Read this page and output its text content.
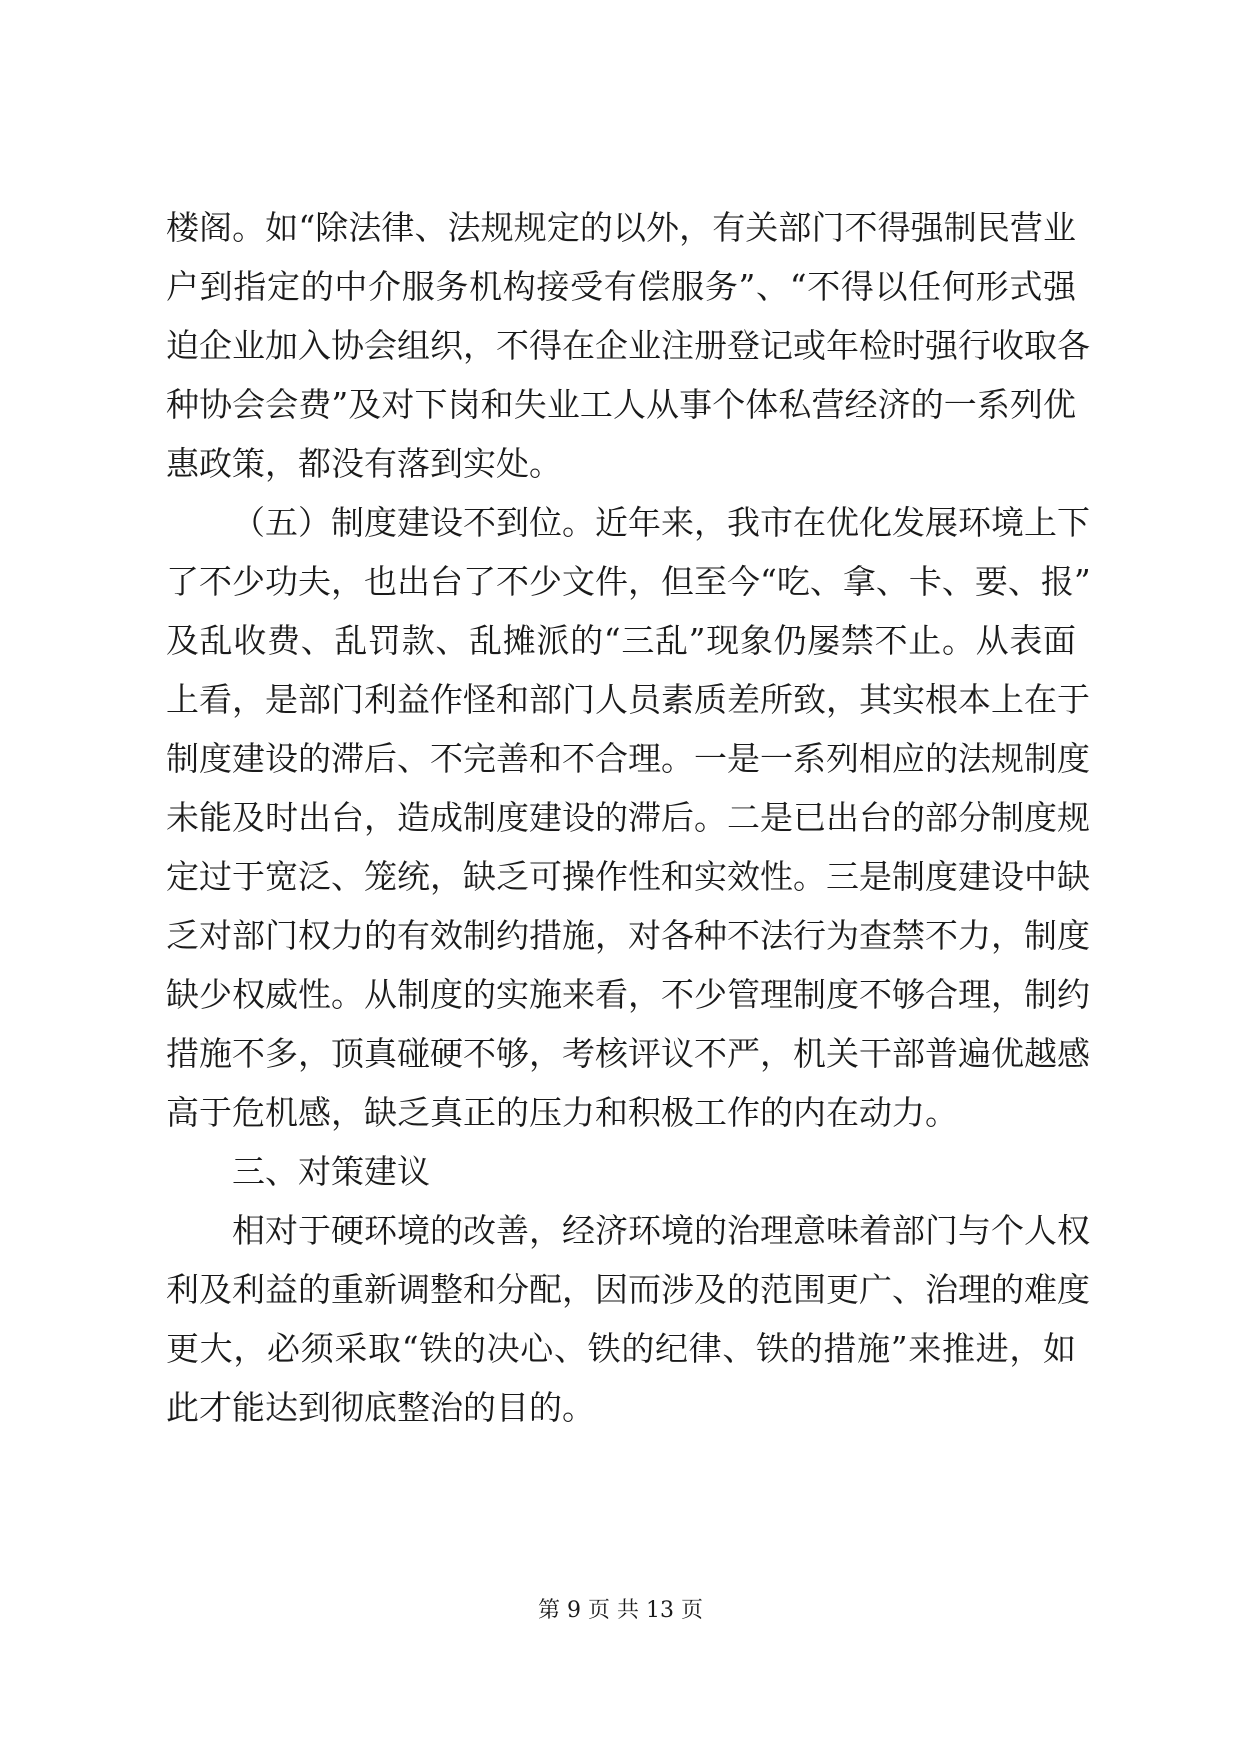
楼阁。如“除法律、法规规定的以外，有关部门不得强制民营业
户到指定的中介服务机构接受有偿服务”、“不得以任何形式强
迫企业加入协会组织，不得在企业注册登记或年检时强行收取各
种协会会费”及对下岗和失业工人从事个体私营经济的一系列优
惠政策，都没有落到实处。
（五）制度建设不到位。近年来，我市在优化发展环境上下
了不少功夫，也出台了不少文件，但至今“吃、拿、卡、要、报”
及乱收费、乱罚款、乱摊派的“三乱”现象仍屡禁不止。从表面
上看，是部门利益作怪和部门人员素质差所致，其实根本上在于
制度建设的滞后、不完善和不合理。一是一系列相应的法规制度
未能及时出台，造成制度建设的滞后。二是已出台的部分制度规
定过于宽泛、笼统，缺乏可操作性和实效性。三是制度建设中缺
乏对部门权力的有效制约措施，对各种不法行为查禁不力，制度
缺少权威性。从制度的实施来看，不少管理制度不够合理，制约
措施不多，顶真碰硬不够，考核评议不严，机关干部普遍优越感
高于危机感，缺乏真正的压力和积极工作的内在动力。
三、对策建议
相对于硬环境的改善，经济环境的治理意味着部门与个人权
利及利益的重新调整和分配，因而涉及的范围更广、治理的难度
更大，必须采取“铁的决心、铁的纪律、铁的措施”来推进，如
此才能达到彻底整治的目的。
第 9 页 共 13 页
